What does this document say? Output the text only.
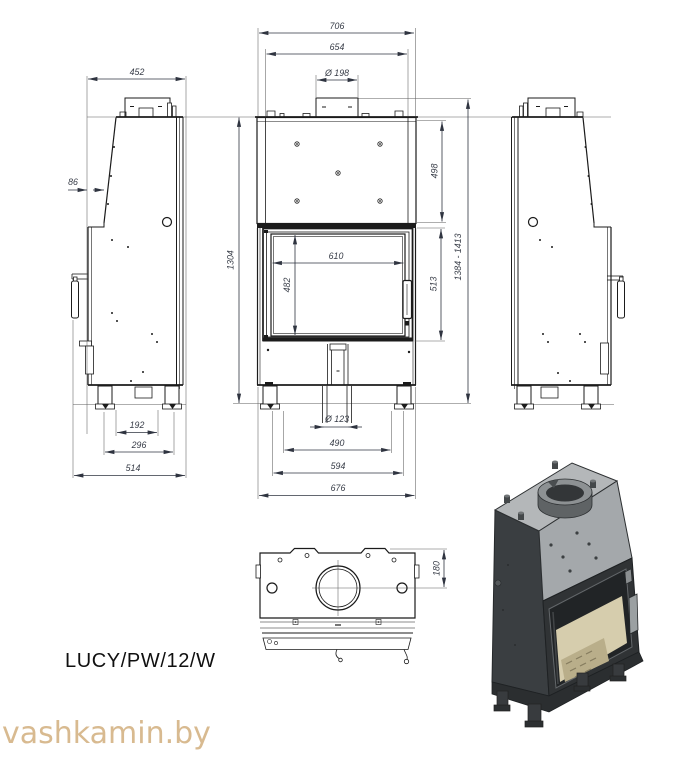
706
654
Ø 198
498
513
1384 - 1413
1304	610
482
Ø 123
490
594
676
452
86
192
296
514
180
LUCY/PW/12/W
vashkamin.by
